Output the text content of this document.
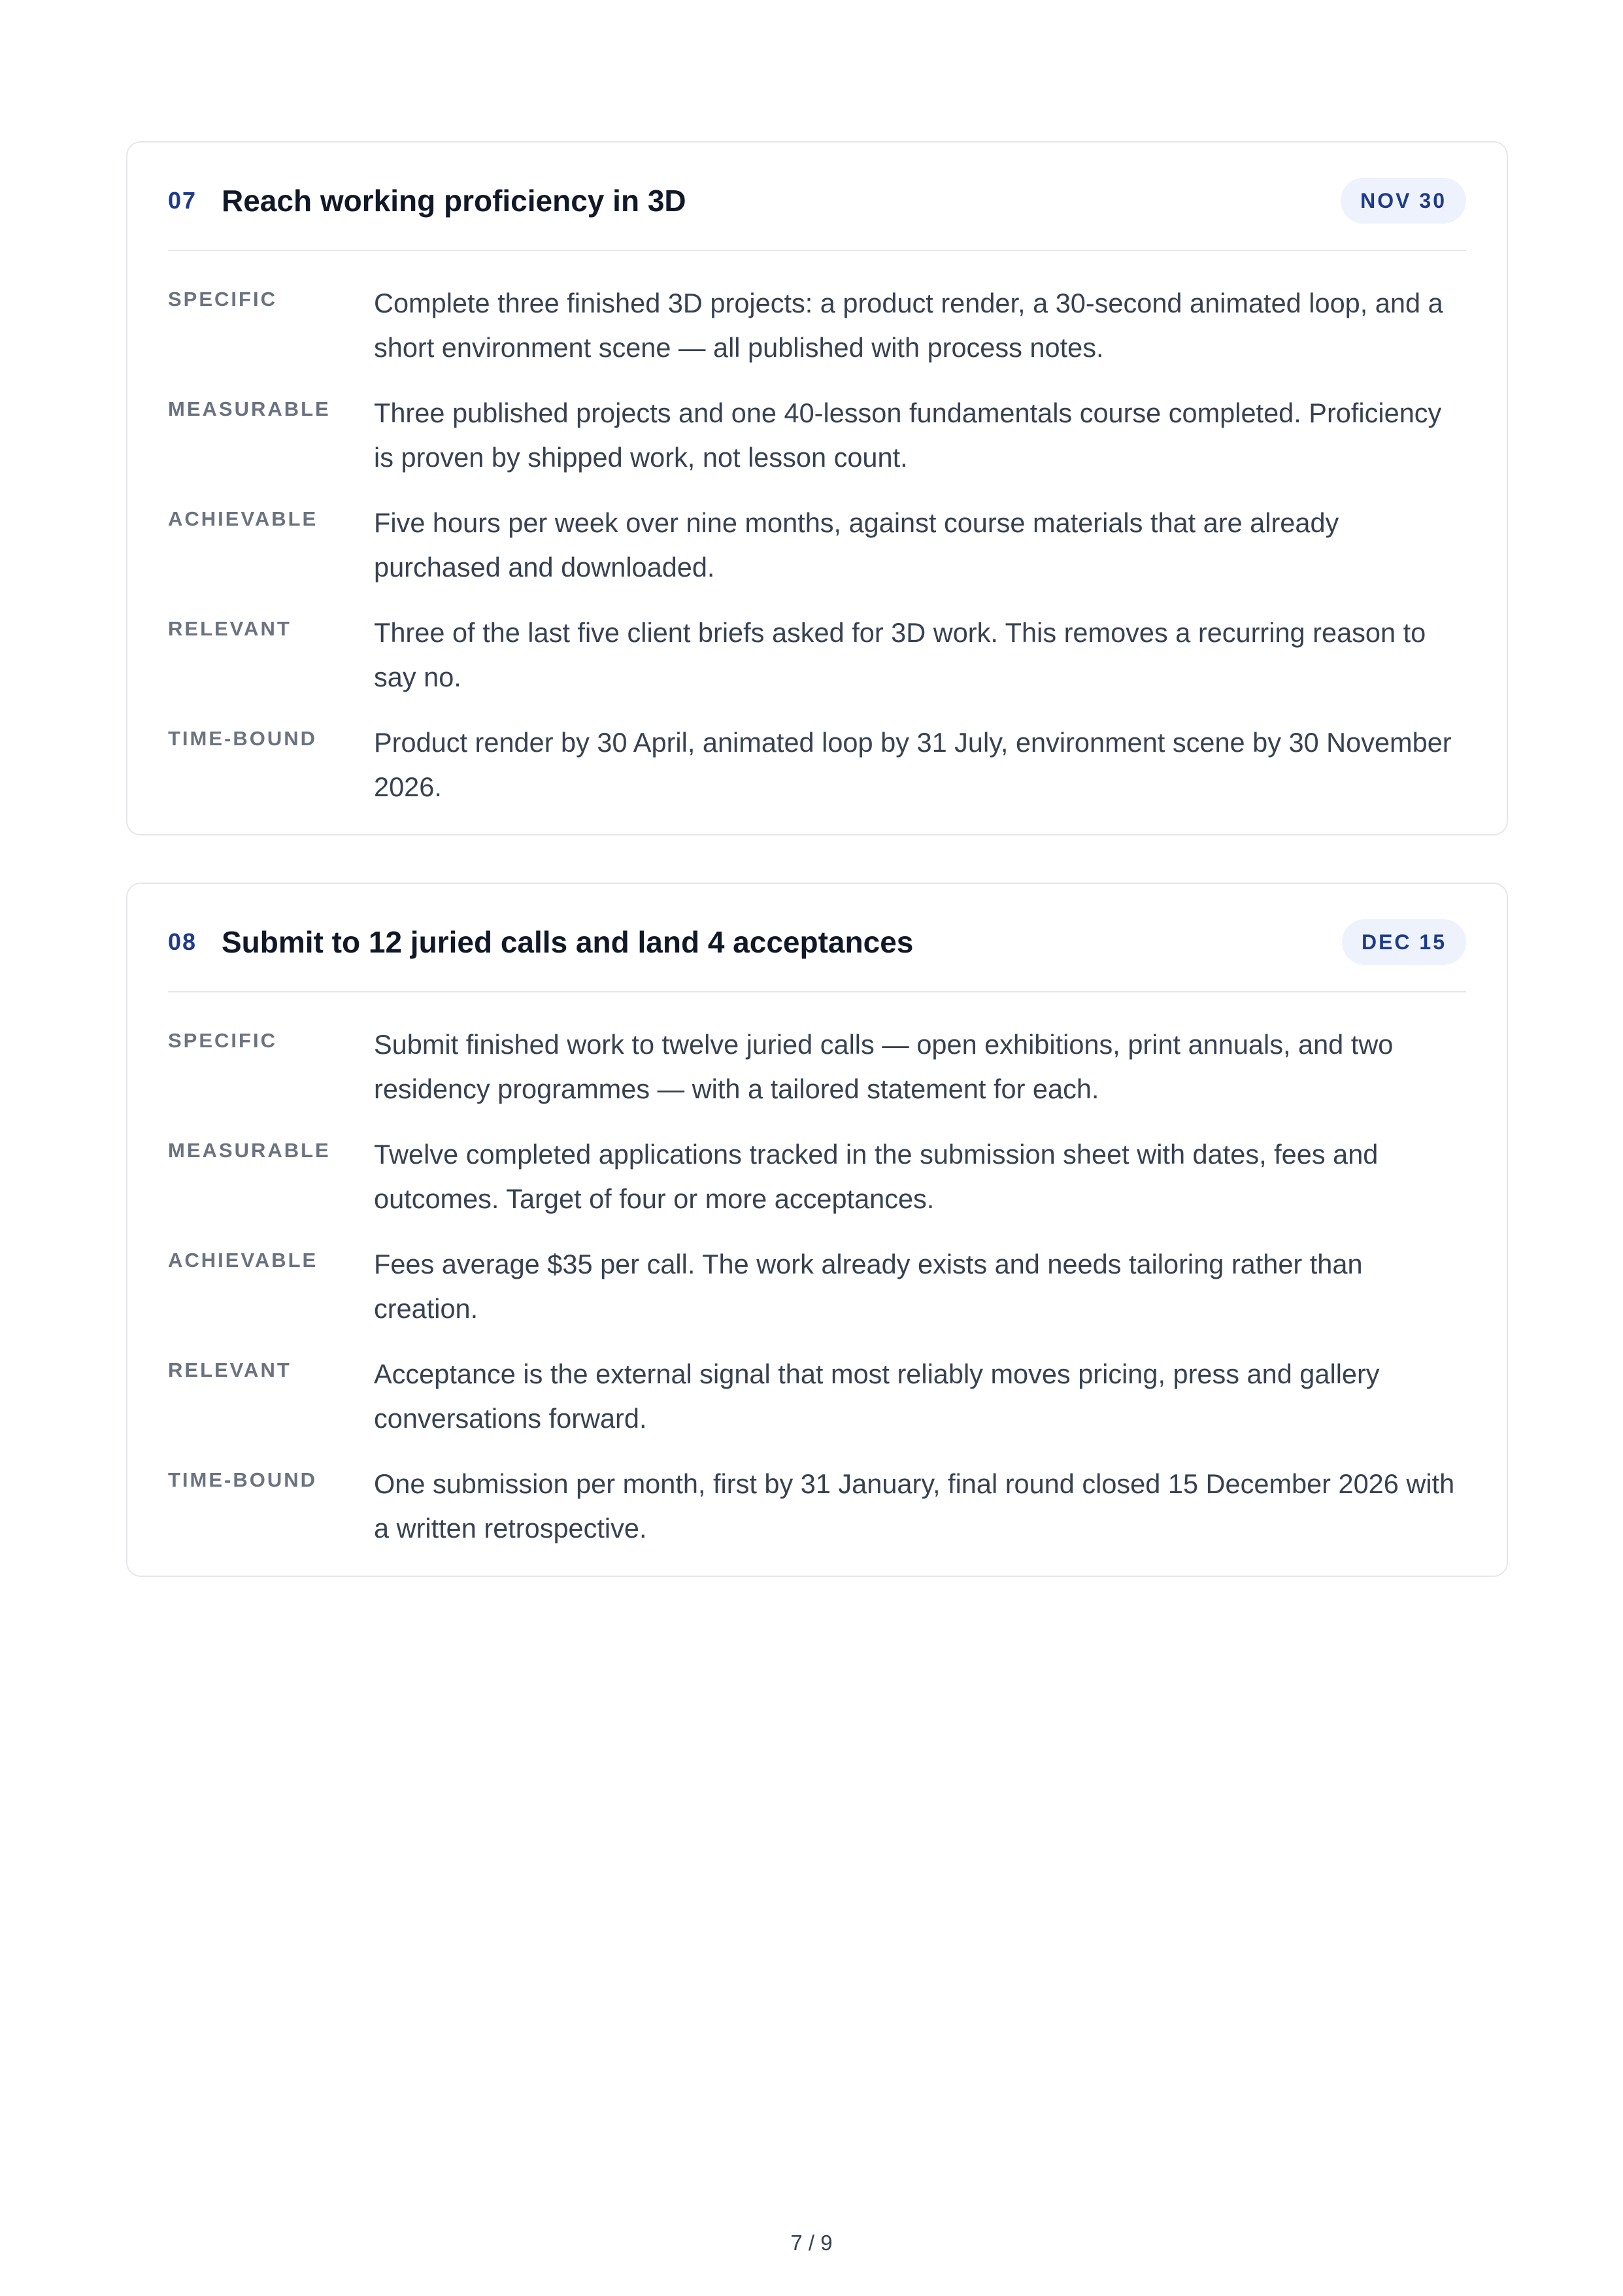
07 Reach working proficiency in 3D	NOV 30
SPECIFIC	Complete three finished 3D projects: a product render, a 30-second animated loop, and a short environment scene — all published with process notes.
MEASURABLE	Three published projects and one 40-lesson fundamentals course completed. Proficiency is proven by shipped work, not lesson count.
ACHIEVABLE	Five hours per week over nine months, against course materials that are already purchased and downloaded.
RELEVANT	Three of the last five client briefs asked for 3D work. This removes a recurring reason to say no.
TIME-BOUND	Product render by 30 April, animated loop by 31 July, environment scene by 30 November 2026.
08 Submit to 12 juried calls and land 4 acceptances	DEC 15
SPECIFIC	Submit finished work to twelve juried calls — open exhibitions, print annuals, and two residency programmes — with a tailored statement for each.
MEASURABLE	Twelve completed applications tracked in the submission sheet with dates, fees and outcomes. Target of four or more acceptances.
ACHIEVABLE	Fees average $35 per call. The work already exists and needs tailoring rather than creation.
RELEVANT	Acceptance is the external signal that most reliably moves pricing, press and gallery conversations forward.
TIME-BOUND	One submission per month, first by 31 January, final round closed 15 December 2026 with a written retrospective.
7 / 9
